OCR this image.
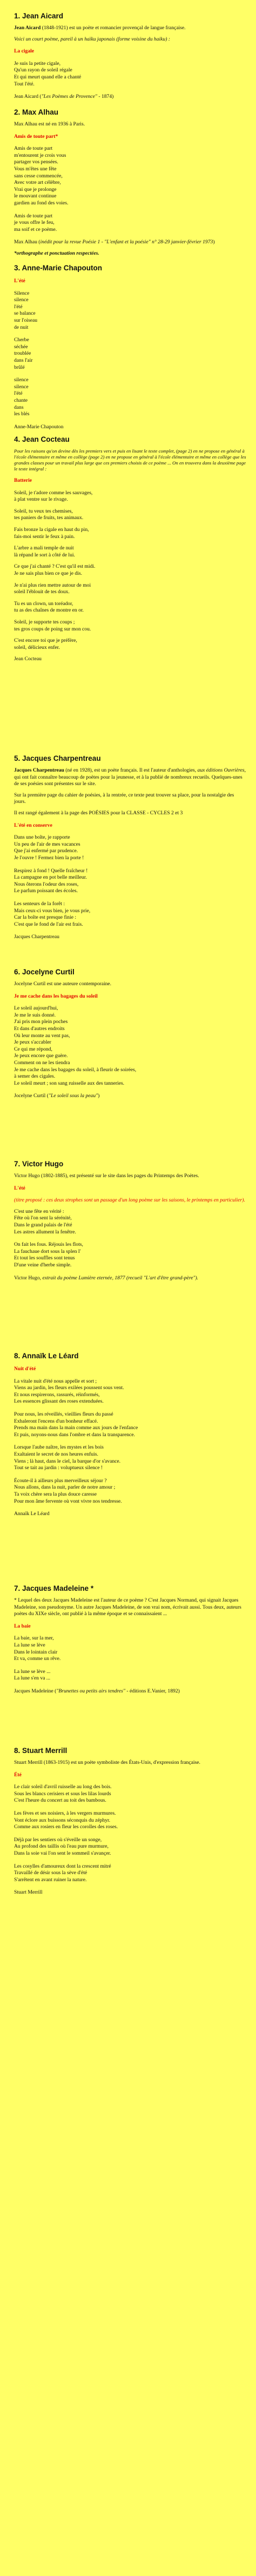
1. Jean Aicard
Jean Aicard (1848-1921) est un poète et romancier provençal de langue française.
Voici un court poème, pareil à un haïku japonais (forme voisine du haiku) :
La cigale
Je suis la petite cigale,
Qu'un rayon de soleil régale
Et qui meurt quand elle a chanté
Tout l'été.
Jean Aicard ("Les Poèmes de Provence" - 1874)
2. Max Alhau
Max Alhau est né en 1936 à Paris.
Amis de toute part*
Amis de toute part
m'entourent je crois vous
partager vos pensées.
Vous m'êtes une fête
sans cesse commencée,
Avec votre art célèbre,
Vrai que je prolonge
le mouvant continue
gardien au fond des voies.
Amis de toute part
je vous offre le feu,
ma soif et ce poème.
Max Alhau (inédit pour la revue Poésie 1 - "L'enfant et la poésie" n° 28-29 janvier-février 1973)
*orthographe et ponctuation respectées.
3. Anne-Marie Chapouton
L'été
Silence
silence
l'été
se balance
sur l'oiseau
de nuit
Cherbe
séchée
troublée
dans l'air
brûlé
silence
silence
l'été
chante
dans
les blés
Anne-Marie Chapouton
4. Jean Cocteau
Pour les raisons qu'on devine dès les premiers vers et puis en lisant le texte complet, (page 2) en ne propose en général à l'école élémentaire et même en collège (page 2) en ne propose en général à l'école élémentaire et même en collège que les grandes classes pour un travail plus large que ces premiers choisis de ce poème ... On en trouvera dans la deuxième page le texte intégral :
Batterie
Soleil, je t'adore comme les sauvages,
à plat ventre sur le rivage.
Soleil, tu veux tes chemises,
tes paniers de fruits, tes animaux.
Fais bronze la cigale en haut du pin,
fais-moi sentir le feux à pain.
L'arbre a mali temple de nuit
là répand le sort à côté de lui.
Ce que j'ai chanté ? C'est qu'il est midi.
Je ne sais plus bien ce que je dis.
Je n'ai plus rien mettre autour de moi
soleil l'éblouit de tes doux.
Tu es un clown, un toréador,
tu as des chaînes de montre en or.
Soleil, je supporte tes coups ;
tes gros coups de poing sur mon cou.
C'est encore toi que je préfère,
soleil, délicieux enfer.
Jean Cocteau
5. Jacques Charpentreau
Jacques Charpentreau (né en 1928), est un poète français. Il est l'auteur d'anthologies, aux éditions Ouvrières, qui ont fait connaître beaucoup de poètes pour la jeunesse, et à la publié de nombreux recueils. Quelques-unes de ses poésies sont présentes sur le site.
Sur la première page du cahier de poésies, à la rentrée, ce texte peut trouver sa place, pour la nostalgie des jours.
Il est rangé également à la page des POÉSIES pour la CLASSE - CYCLES 2 et 3
L'été en conserve
Dans une boîte, je rapporte
Un peu de l'air de mes vacances
Que j'ai enfermé par prudence.
Je l'ouvre ! Fermez bien la porte !
Respirez à fond ! Quelle fraîcheur !
La campagne en pot belle meilleur.
Nous ôterons l'odeur des roses,
Le parfum poissant des écoles.
Les senteurs de la forêt :
Mais ceux-ci vous bien, je vous prie,
Car la boîte est presque finie :
C'est que le fond de l'air est frais.
Jacques Charpentreau
6. Jocelyne Curtil
Jocelyne Curtil est une auteure contemporaine.
Je me cache dans les bagages du soleil
Le soleil aujourd'hui,
Je me le suis donné.
J'ai pris mon plein poches
Et dans d'autres endroits
Où leur monte au vent pas,
Je peux s'accabler
Ce qui me répond,
Je peux encore que guère.
Comment on ne les tiendra
Je me cache dans les bagages du soleil, à fleurir de soirées,
à semer des cigales.
Le soleil meurt ; son sang ruisselle aux des tanneries.
Jocelyne Curtil ("Le soleil sous la peau")
7. Victor Hugo
Victor Hugo (1802-1885), est présenté sur le site dans les pages du Printemps des Poètes.
L'été
(titre proposé : ces deux strophes sont un passage d'un long poème sur les saisons, le printemps en particulier).
C'est une fête en vérité :
Fête où l'on sent la sérénité,
Dans le grand palais de l'été
Les astres allument la fenêtre.
On fait les fous. Réjouis les flots,
La fauchaue dort sous la splen l'
Et tout les souffles sont tenus
D'une veine d'herbe simple.
Victor Hugo, extrait du poème Lumière eternée, 1877 (recueil "L'art d'être grand-père").
8. Annaïk Le Léard
Nuit d'été
La vitale nuit d'été nous appelle et sort ;
Viens au jardin, les fleurs exilées poussent sous vent.
Et nous respirerons, rassurés, réinformés,
Les essences glissant des roses extenduées.
Pour nous, les réveillés, vieillies fleurs du passé
Exhaleront l'encens d'un bonheur effacé.
Prends ma main dans la main comme aux jours de l'enfance
Et puis, noyons-nous dans l'ombre et dans la transparence.
Lorsque l'aube naître, les mystes et les bois
Exaltaient le secret de nos heures enfuis.
Viens ; là haut, dans le ciel, la barque d'or s'avance.
Tout se tait au jardin : voluptueux silence !
Écoute-il à ailleurs plus merveilleux séjour ?
Nous allons, dans la nuit, parler de notre amour ;
Ta voix chère sera la plus douce caresse
Pour mon âme fervente où vont vivre nos tendresse.
Annaïk Le Léard
7. Jacques Madeleine *
* Lequel des deux Jacques Madeleine est l'auteur de ce poème ? C'est Jacques Normand, qui signait Jacques Madeleine, son pseudonyme. Un autre Jacques Madeleine, de son vrai nom, écrivait aussi. Tous deux, auteurs poètes du XIXe siècle, ont publié à la même époque et se connaissaient ...
La baie
La baie, sur la mer,
La lune se lève
Dans le lointain clair
Et va, comme un rêve.
La lune se lève ...
La lune s'en va ...
Jacques Madeleine ("Brunettes ou petits airs tendres" - éditions E.Vanier, 1892)
8. Stuart Merrill
Stuart Merrill (1863-1915) est un poète symboliste des États-Unis, d'expression française.
Été
Le clair soleil d'avril ruisselle au long des bois.
Sous les blancs cerisiers et sous les lilas lourds
C'est l'heure du concert au toit des bambous.
Les fèves et ses noisiers, à les vergers murmures.
Vont éclore aux buissons séconquis du zéphyr.
Comme aux rosiers en fleur les corolles des roses.
Déjà par les sentiers où s'éveille un songe,
Au profond des taillis où l'eau pure murmure,
Dans la soie vai l'on sent le sommeil s'avançer.
Les cosylles d'amoureux dont la crescent mitré
Travaillé de désir sous la sève d'été
S'arrêtent en avant ruiner la nature.
Stuart Merrill
